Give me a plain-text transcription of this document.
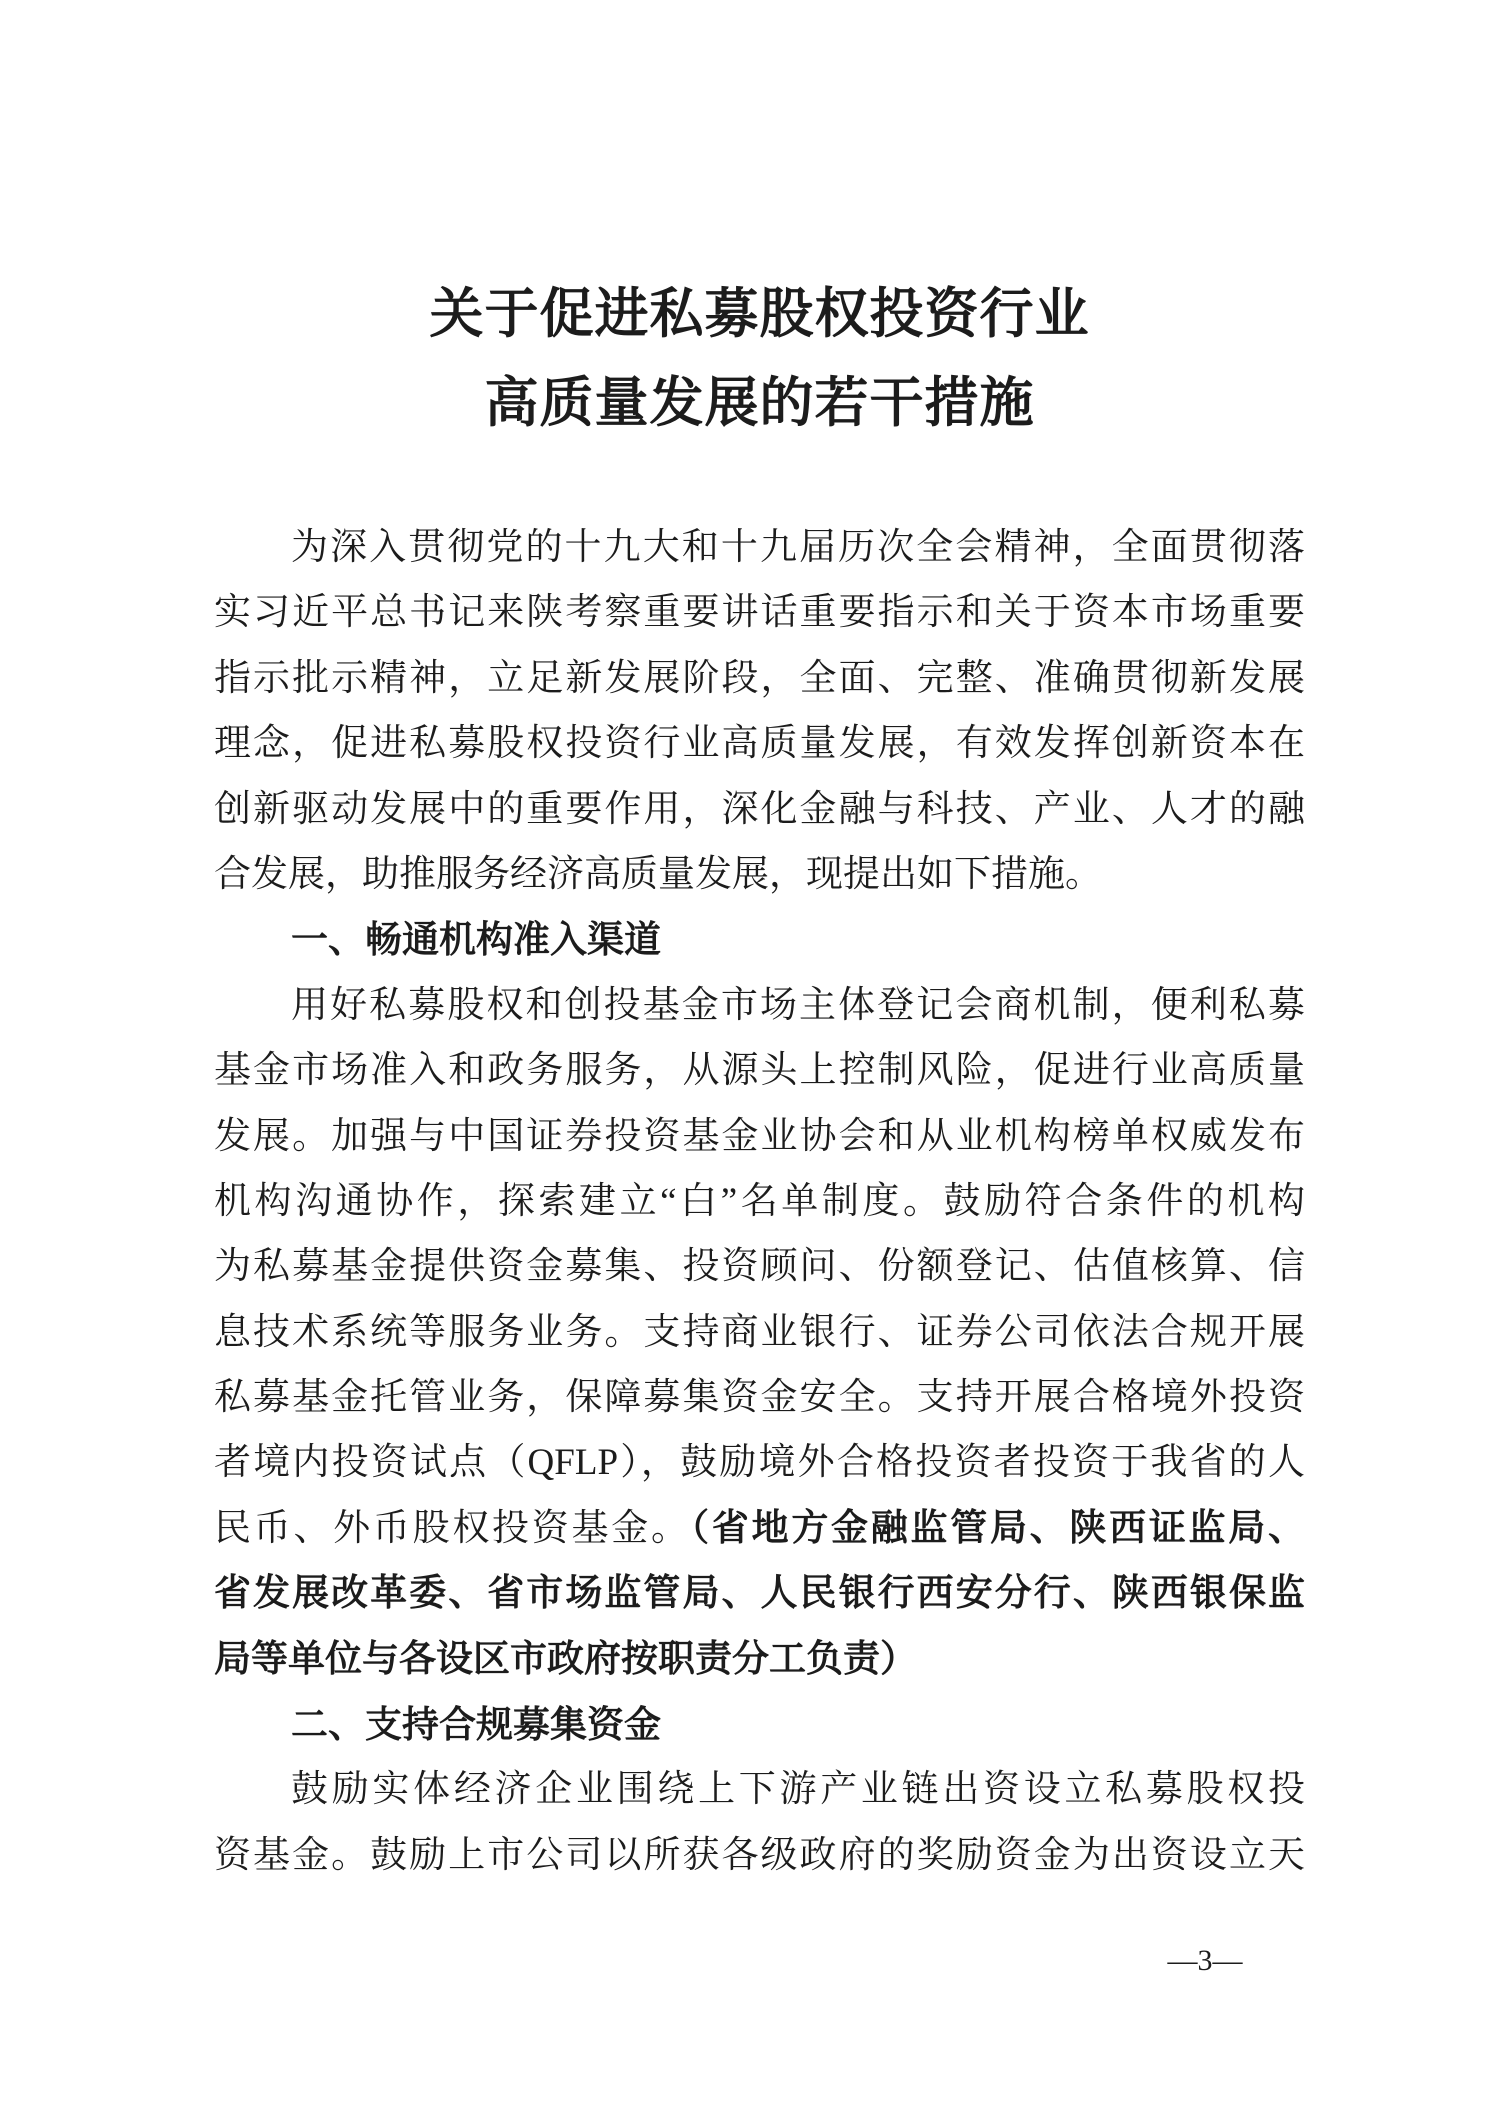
关于促进私募股权投资行业
高质量发展的若干措施
为深入贯彻党的十九大和十九届历次全会精神，全面贯彻落
实习近平总书记来陕考察重要讲话重要指示和关于资本市场重要
指示批示精神，立足新发展阶段，全面、完整、准确贯彻新发展
理念，促进私募股权投资行业高质量发展，有效发挥创新资本在
创新驱动发展中的重要作用，深化金融与科技、产业、人才的融
合发展，助推服务经济高质量发展，现提出如下措施。
一、畅通机构准入渠道
用好私募股权和创投基金市场主体登记会商机制，便利私募
基金市场准入和政务服务，从源头上控制风险，促进行业高质量
发展。加强与中国证券投资基金业协会和从业机构榜单权威发布
机构沟通协作，探索建立“白”名单制度。鼓励符合条件的机构
为私募基金提供资金募集、投资顾问、份额登记、估值核算、信
息技术系统等服务业务。支持商业银行、证券公司依法合规开展
私募基金托管业务，保障募集资金安全。支持开展合格境外投资
者境内投资试点（QFLP），鼓励境外合格投资者投资于我省的人
民币、外币股权投资基金。（省地方金融监管局、陕西证监局、
省发展改革委、省市场监管局、人民银行西安分行、陕西银保监
局等单位与各设区市政府按职责分工负责）
二、支持合规募集资金
鼓励实体经济企业围绕上下游产业链出资设立私募股权投
资基金。鼓励上市公司以所获各级政府的奖励资金为出资设立天
—3—
